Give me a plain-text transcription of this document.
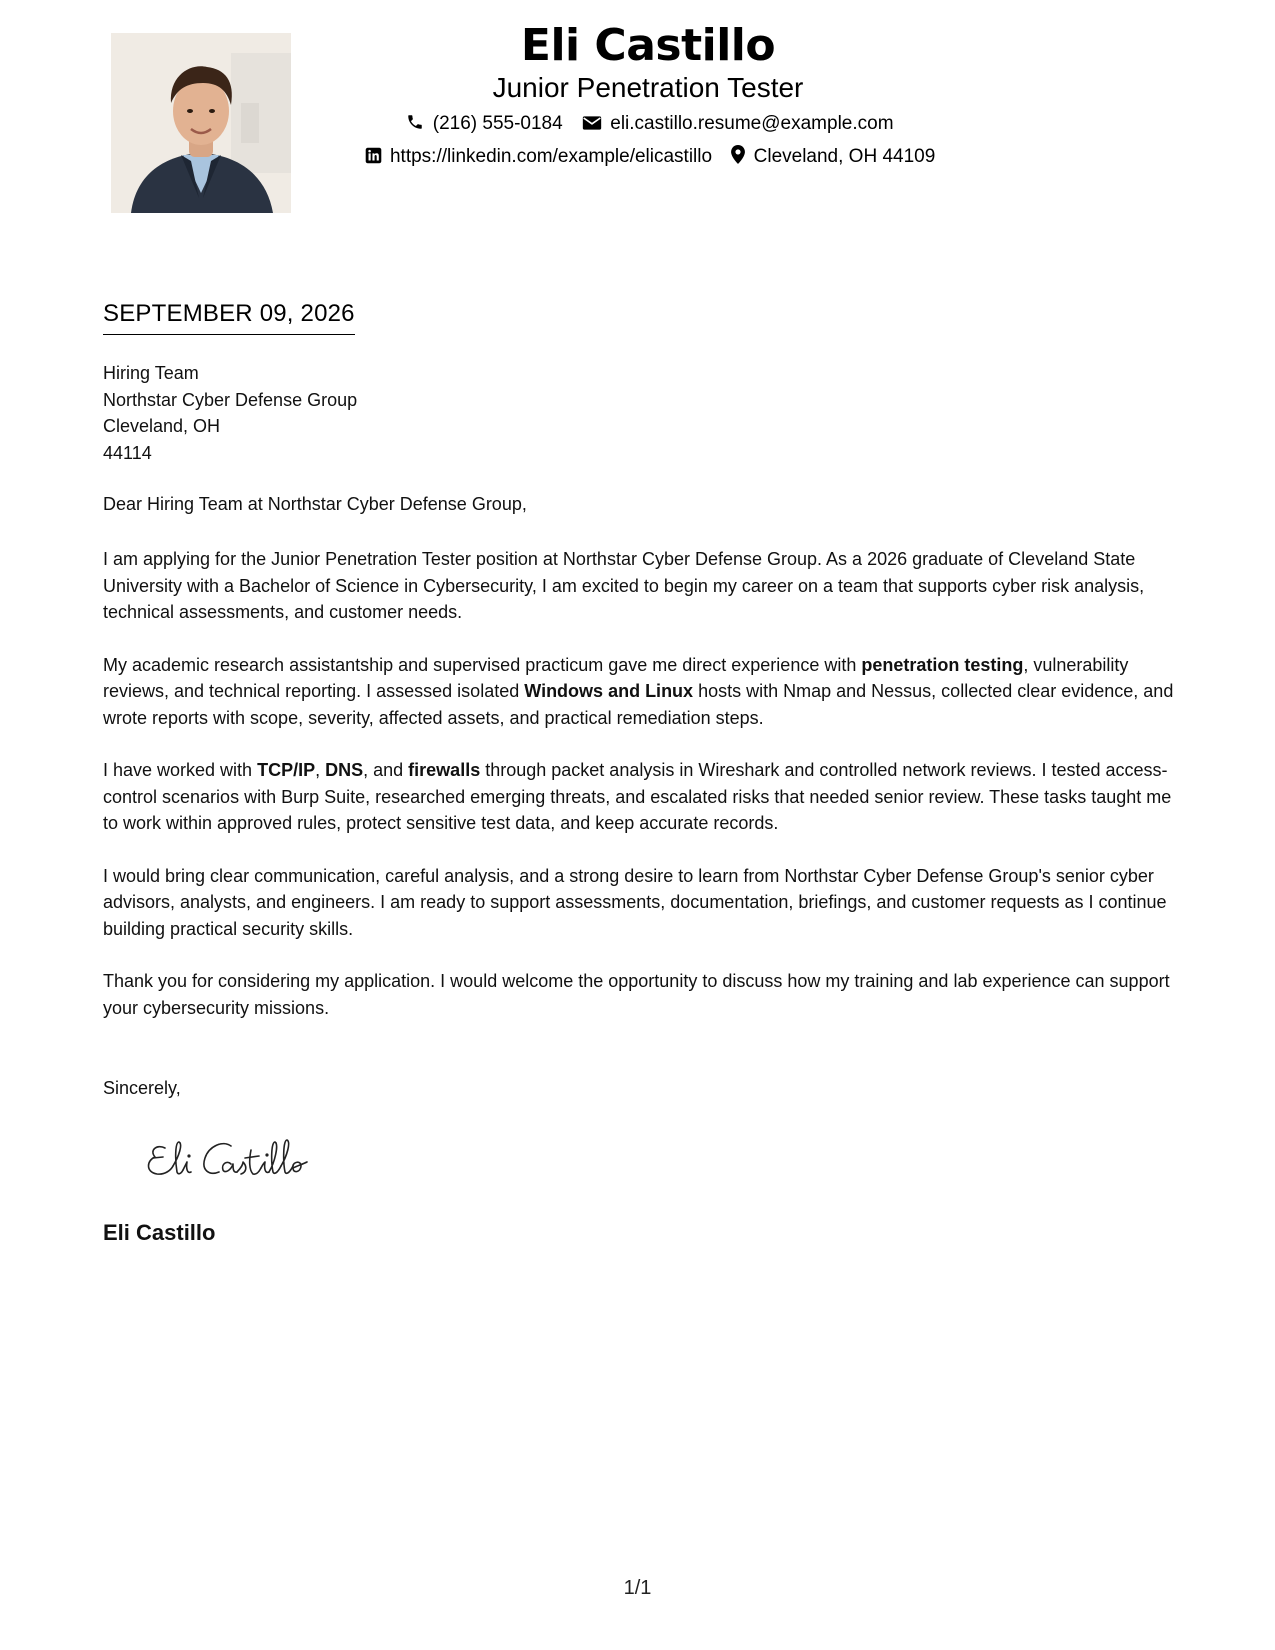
Eli Castillo
Junior Penetration Tester
(216) 555-0184	eli.castillo.resume@example.com
https://linkedin.com/example/elicastillo Cleveland, OH 44109
SEPTEMBER 09, 2026
Hiring Team
Northstar Cyber Defense Group
Cleveland, OH
44114
Dear Hiring Team at Northstar Cyber Defense Group,

I am applying for the Junior Penetration Tester position at Northstar Cyber Defense Group. As a 2026 graduate of Cleveland State University with a Bachelor of Science in Cybersecurity, I am excited to begin my career on a team that supports cyber risk analysis, technical assessments, and customer needs.

My academic research assistantship and supervised practicum gave me direct experience with penetration testing, vulnerability reviews, and technical reporting. I assessed isolated Windows and Linux hosts with Nmap and Nessus, collected clear evidence, and wrote reports with scope, severity, affected assets, and practical remediation steps.

I have worked with TCP/IP, DNS, and firewalls through packet analysis in Wireshark and controlled network reviews. I tested access-control scenarios with Burp Suite, researched emerging threats, and escalated risks that needed senior review. These tasks taught me to work within approved rules, protect sensitive test data, and keep accurate records.

I would bring clear communication, careful analysis, and a strong desire to learn from Northstar Cyber Defense Group's senior cyber advisors, analysts, and engineers. I am ready to support assessments, documentation, briefings, and customer requests as I continue building practical security skills.

Thank you for considering my application. I would welcome the opportunity to discuss how my training and lab experience can support your cybersecurity missions.

Sincerely,
Eli Castillo
1/1
